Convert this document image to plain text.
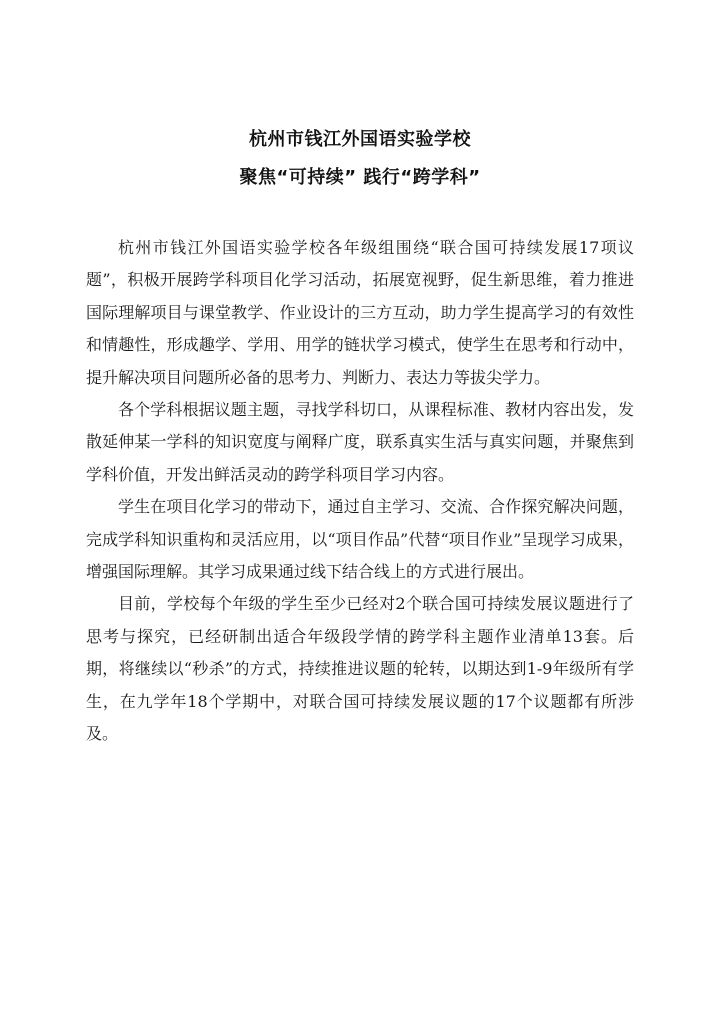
杭州市钱江外国语实验学校
聚焦“可持续” 践行“跨学科”

杭州市钱江外国语实验学校各年级组围绕“联合国可持续发展17项议题”，积极开展跨学科项目化学习活动，拓展宽视野，促生新思维，着力推进国际理解项目与课堂教学、作业设计的三方互动，助力学生提高学习的有效性和情趣性，形成趣学、学用、用学的链状学习模式，使学生在思考和行动中，提升解决项目问题所必备的思考力、判断力、表达力等拔尖学力。

各个学科根据议题主题，寻找学科切口，从课程标准、教材内容出发，发散延伸某一学科的知识宽度与阐释广度，联系真实生活与真实问题，并聚焦到学科价值，开发出鲜活灵动的跨学科项目学习内容。

学生在项目化学习的带动下，通过自主学习、交流、合作探究解决问题，完成学科知识重构和灵活应用，以“项目作品”代替“项目作业”呈现学习成果，增强国际理解。其学习成果通过线下结合线上的方式进行展出。

目前，学校每个年级的学生至少已经对2个联合国可持续发展议题进行了思考与探究，已经研制出适合年级段学情的跨学科主题作业清单13套。后期，将继续以“秒杀”的方式，持续推进议题的轮转，以期达到1-9年级所有学生，在九学年18个学期中，对联合国可持续发展议题的17个议题都有所涉及。
